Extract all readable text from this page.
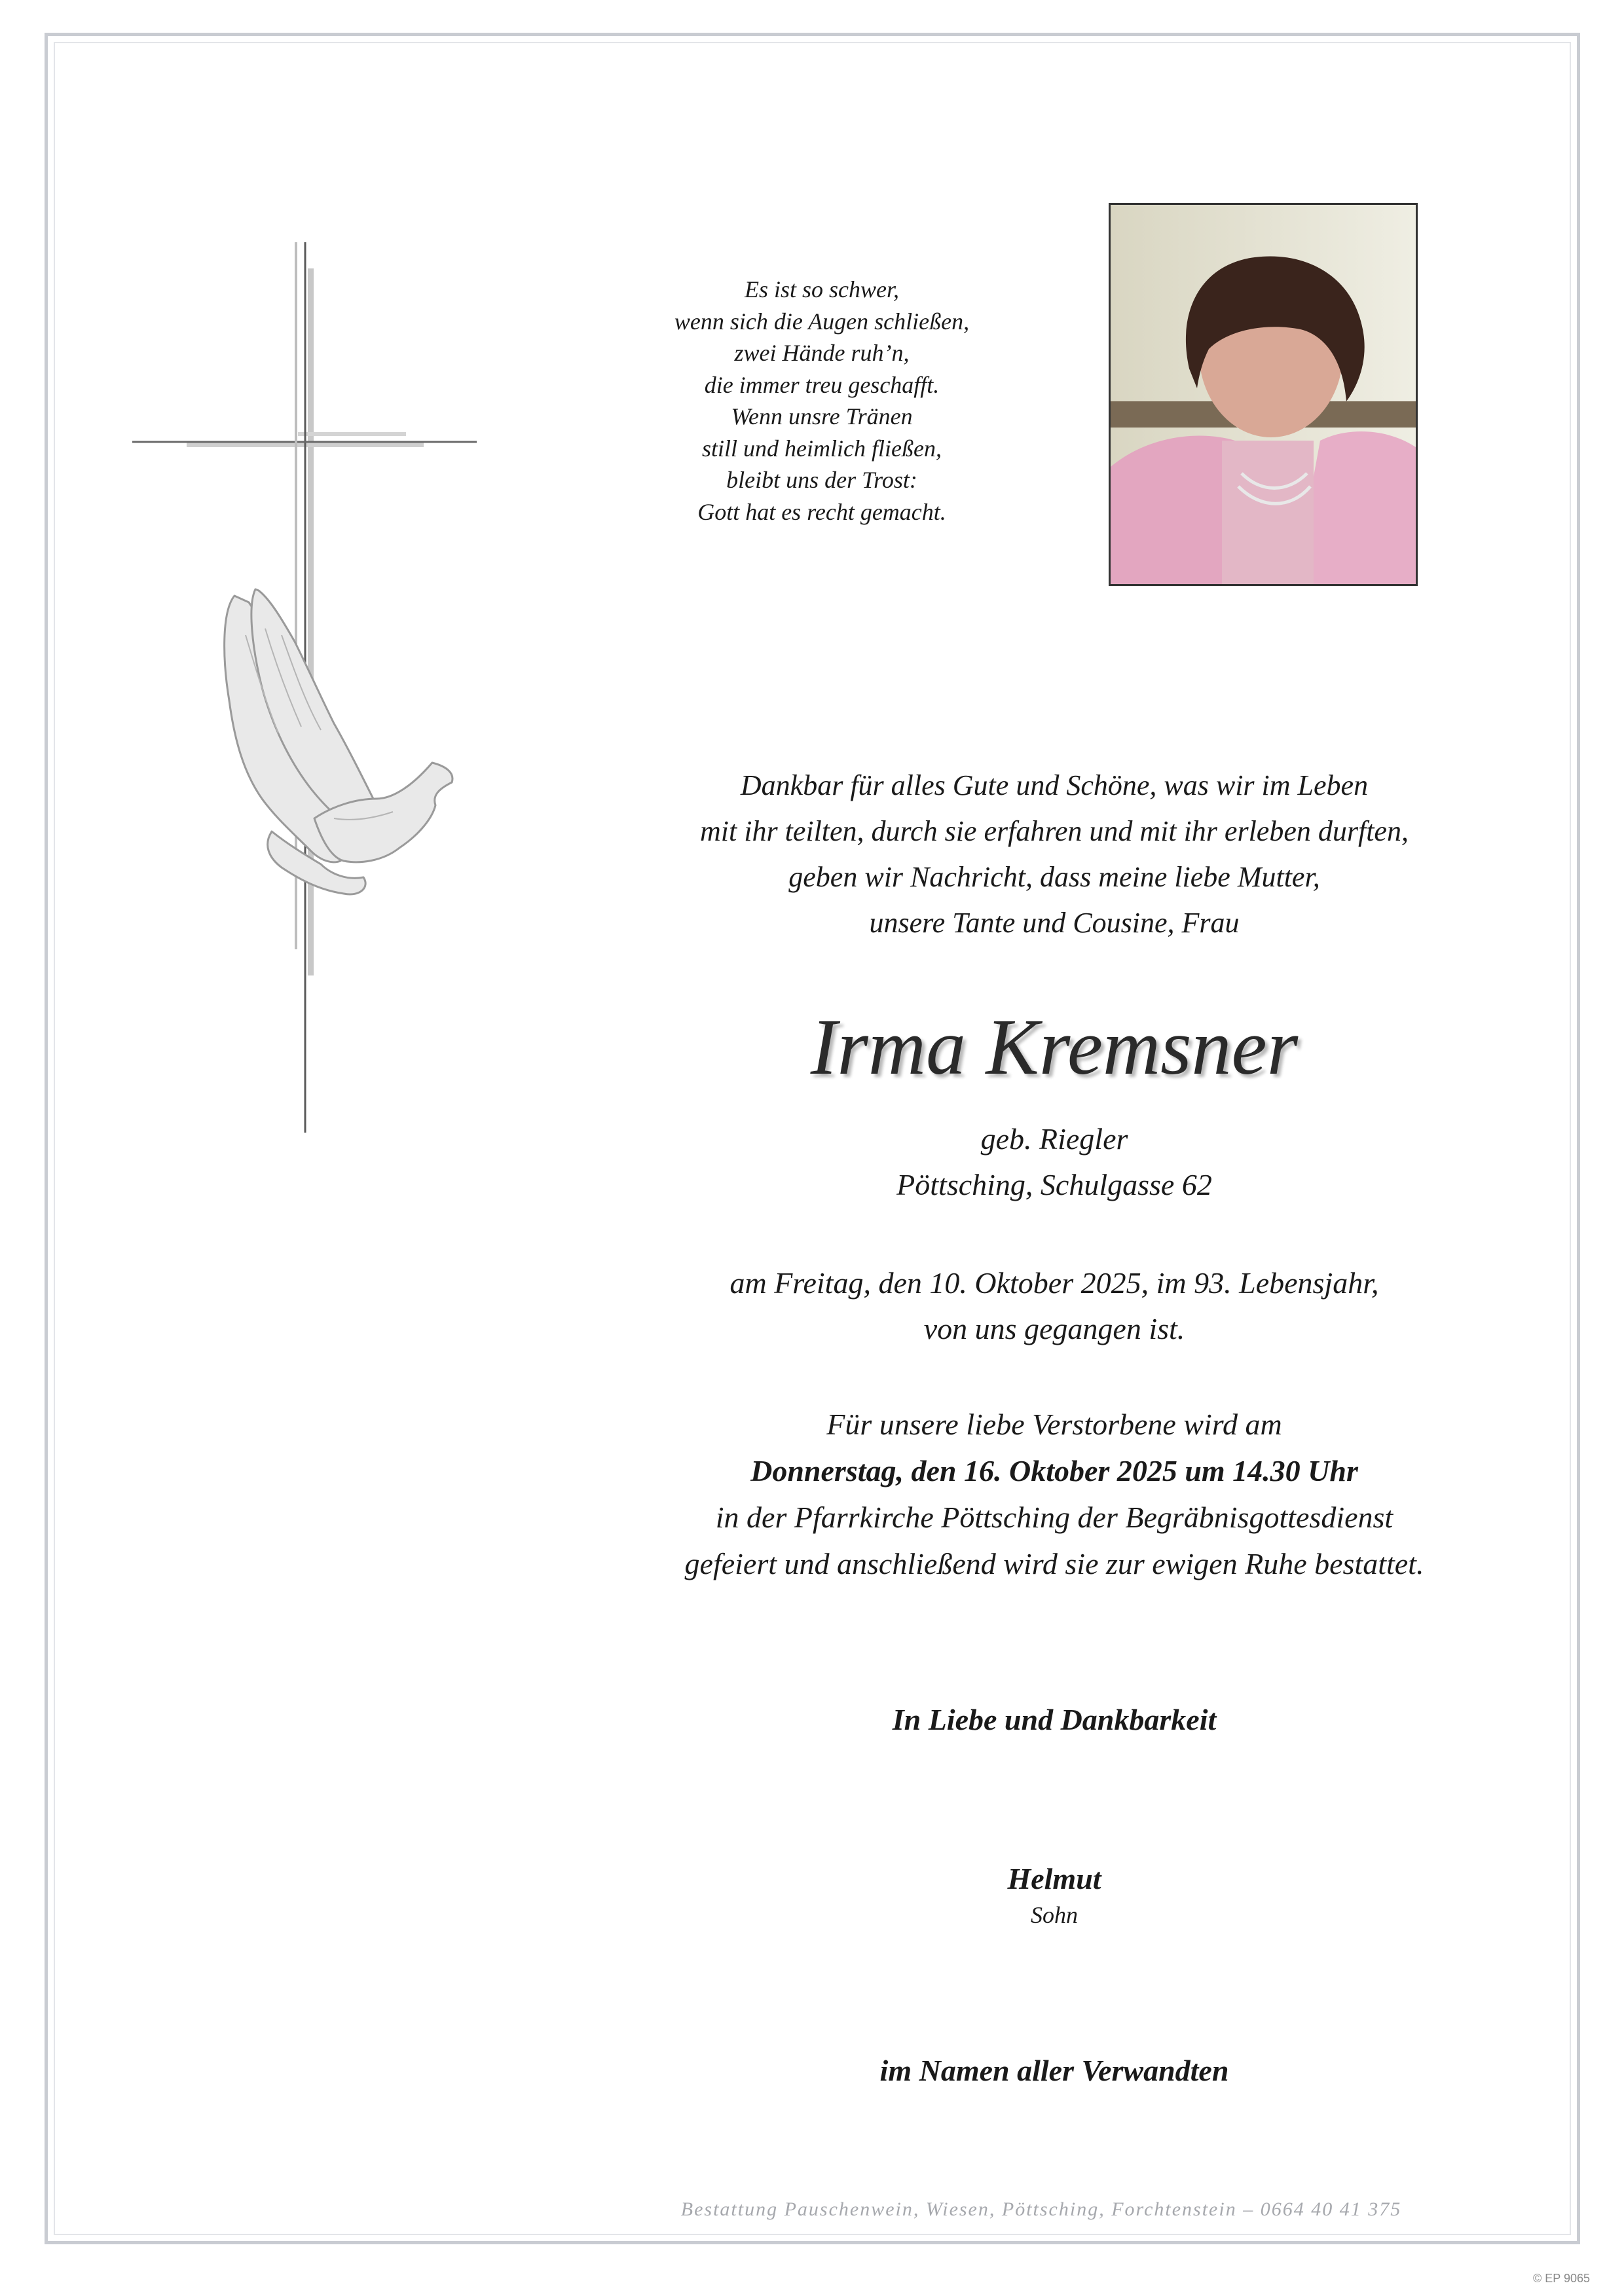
Es ist so schwer,
wenn sich die Augen schließen,
zwei Hände ruh’n,
die immer treu geschafft.
Wenn unsre Tränen
still und heimlich fließen,
bleibt uns der Trost:
Gott hat es recht gemacht.
Dankbar für alles Gute und Schöne, was wir im Leben
mit ihr teilten, durch sie erfahren und mit ihr erleben durften,
geben wir Nachricht, dass meine liebe Mutter,
unsere Tante und Cousine, Frau
Irma Kremsner
geb. Riegler
Pöttsching, Schulgasse 62
am Freitag, den 10. Oktober 2025, im 93. Lebensjahr,
von uns gegangen ist.
Für unsere liebe Verstorbene wird am
Donnerstag, den 16. Oktober 2025 um 14.30 Uhr
in der Pfarrkirche Pöttsching der Begräbnisgottesdienst
gefeiert und anschließend wird sie zur ewigen Ruhe bestattet.
In Liebe und Dankbarkeit
Helmut
Sohn
im Namen aller Verwandten
Bestattung Pauschenwein, Wiesen, Pöttsching, Forchtenstein – 0664 40 41 375
© EP 9065
